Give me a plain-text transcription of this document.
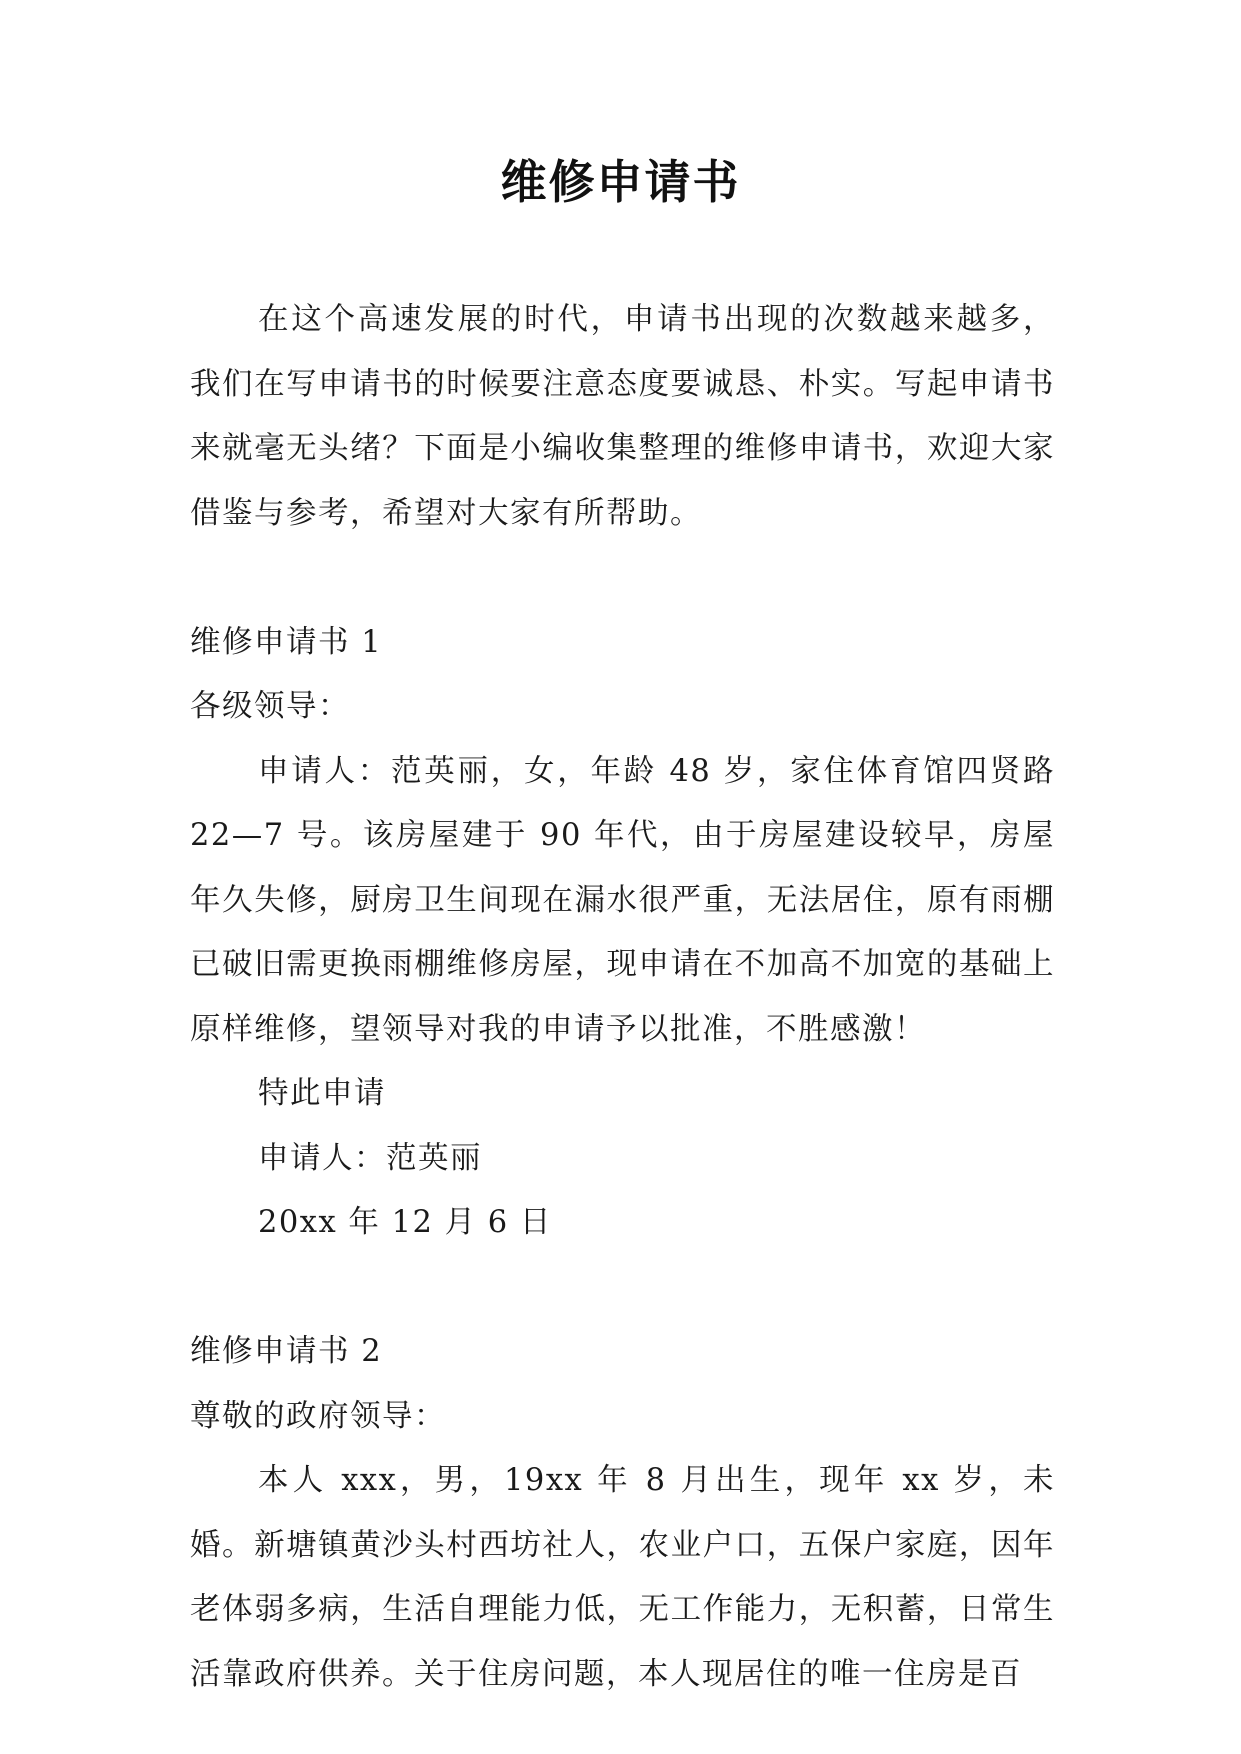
维修申请书

在这个高速发展的时代，申请书出现的次数越来越多，我们在写申请书的时候要注意态度要诚恳、朴实。写起申请书来就毫无头绪？下面是小编收集整理的维修申请书，欢迎大家借鉴与参考，希望对大家有所帮助。

维修申请书 1

各级领导：

申请人：范英丽，女，年龄 48 岁，家住体育馆四贤路22—7 号。该房屋建于 90 年代，由于房屋建设较早，房屋年久失修，厨房卫生间现在漏水很严重，无法居住，原有雨棚已破旧需更换雨棚维修房屋，现申请在不加高不加宽的基础上原样维修，望领导对我的申请予以批准，不胜感激！

特此申请

申请人：范英丽

20xx 年 12 月 6 日

维修申请书 2

尊敬的政府领导：

本人 xxx，男，19xx 年 8 月出生，现年 xx 岁，未婚。新塘镇黄沙头村西坊社人，农业户口，五保户家庭，因年老体弱多病，生活自理能力低，无工作能力，无积蓄，日常生活靠政府供养。关于住房问题，本人现居住的唯一住房是百
